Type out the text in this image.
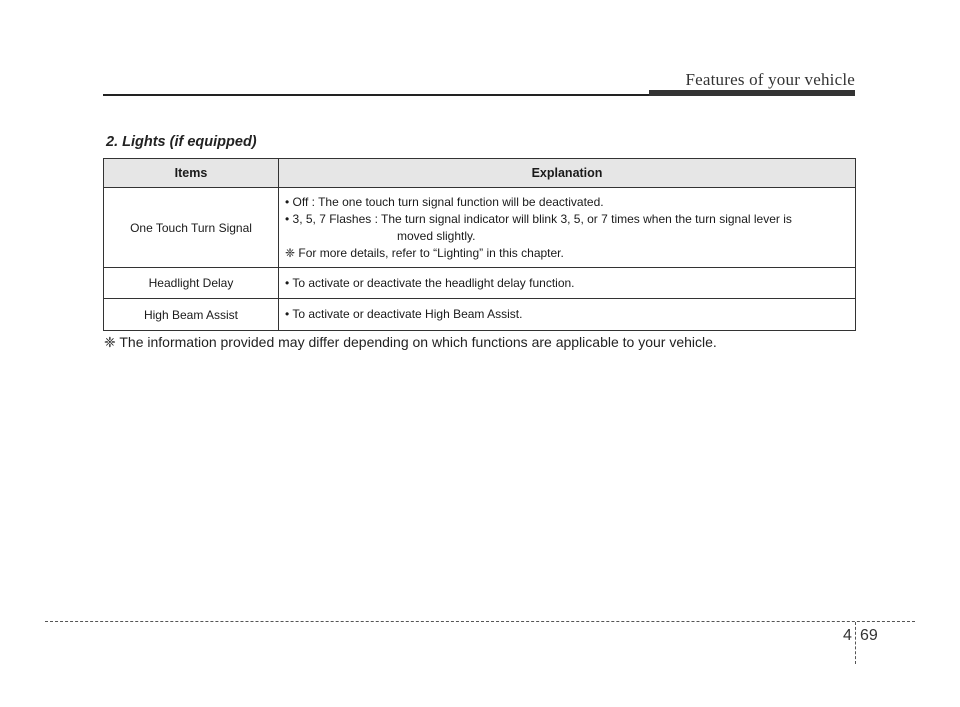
Features of your vehicle
2. Lights (if equipped)
Items	Explanation
One Touch Turn Signal	• Off : The one touch turn signal function will be deactivated.
• 3, 5, 7 Flashes : The turn signal indicator will blink 3, 5, or 7 times when the turn signal lever is
moved slightly.
❈ For more details, refer to “Lighting” in this chapter.

Headlight Delay	• To activate or deactivate the headlight delay function.

High Beam Assist	• To activate or deactivate High Beam Assist.
❈ The information provided may differ depending on which functions are applicable to your vehicle.
4 69
